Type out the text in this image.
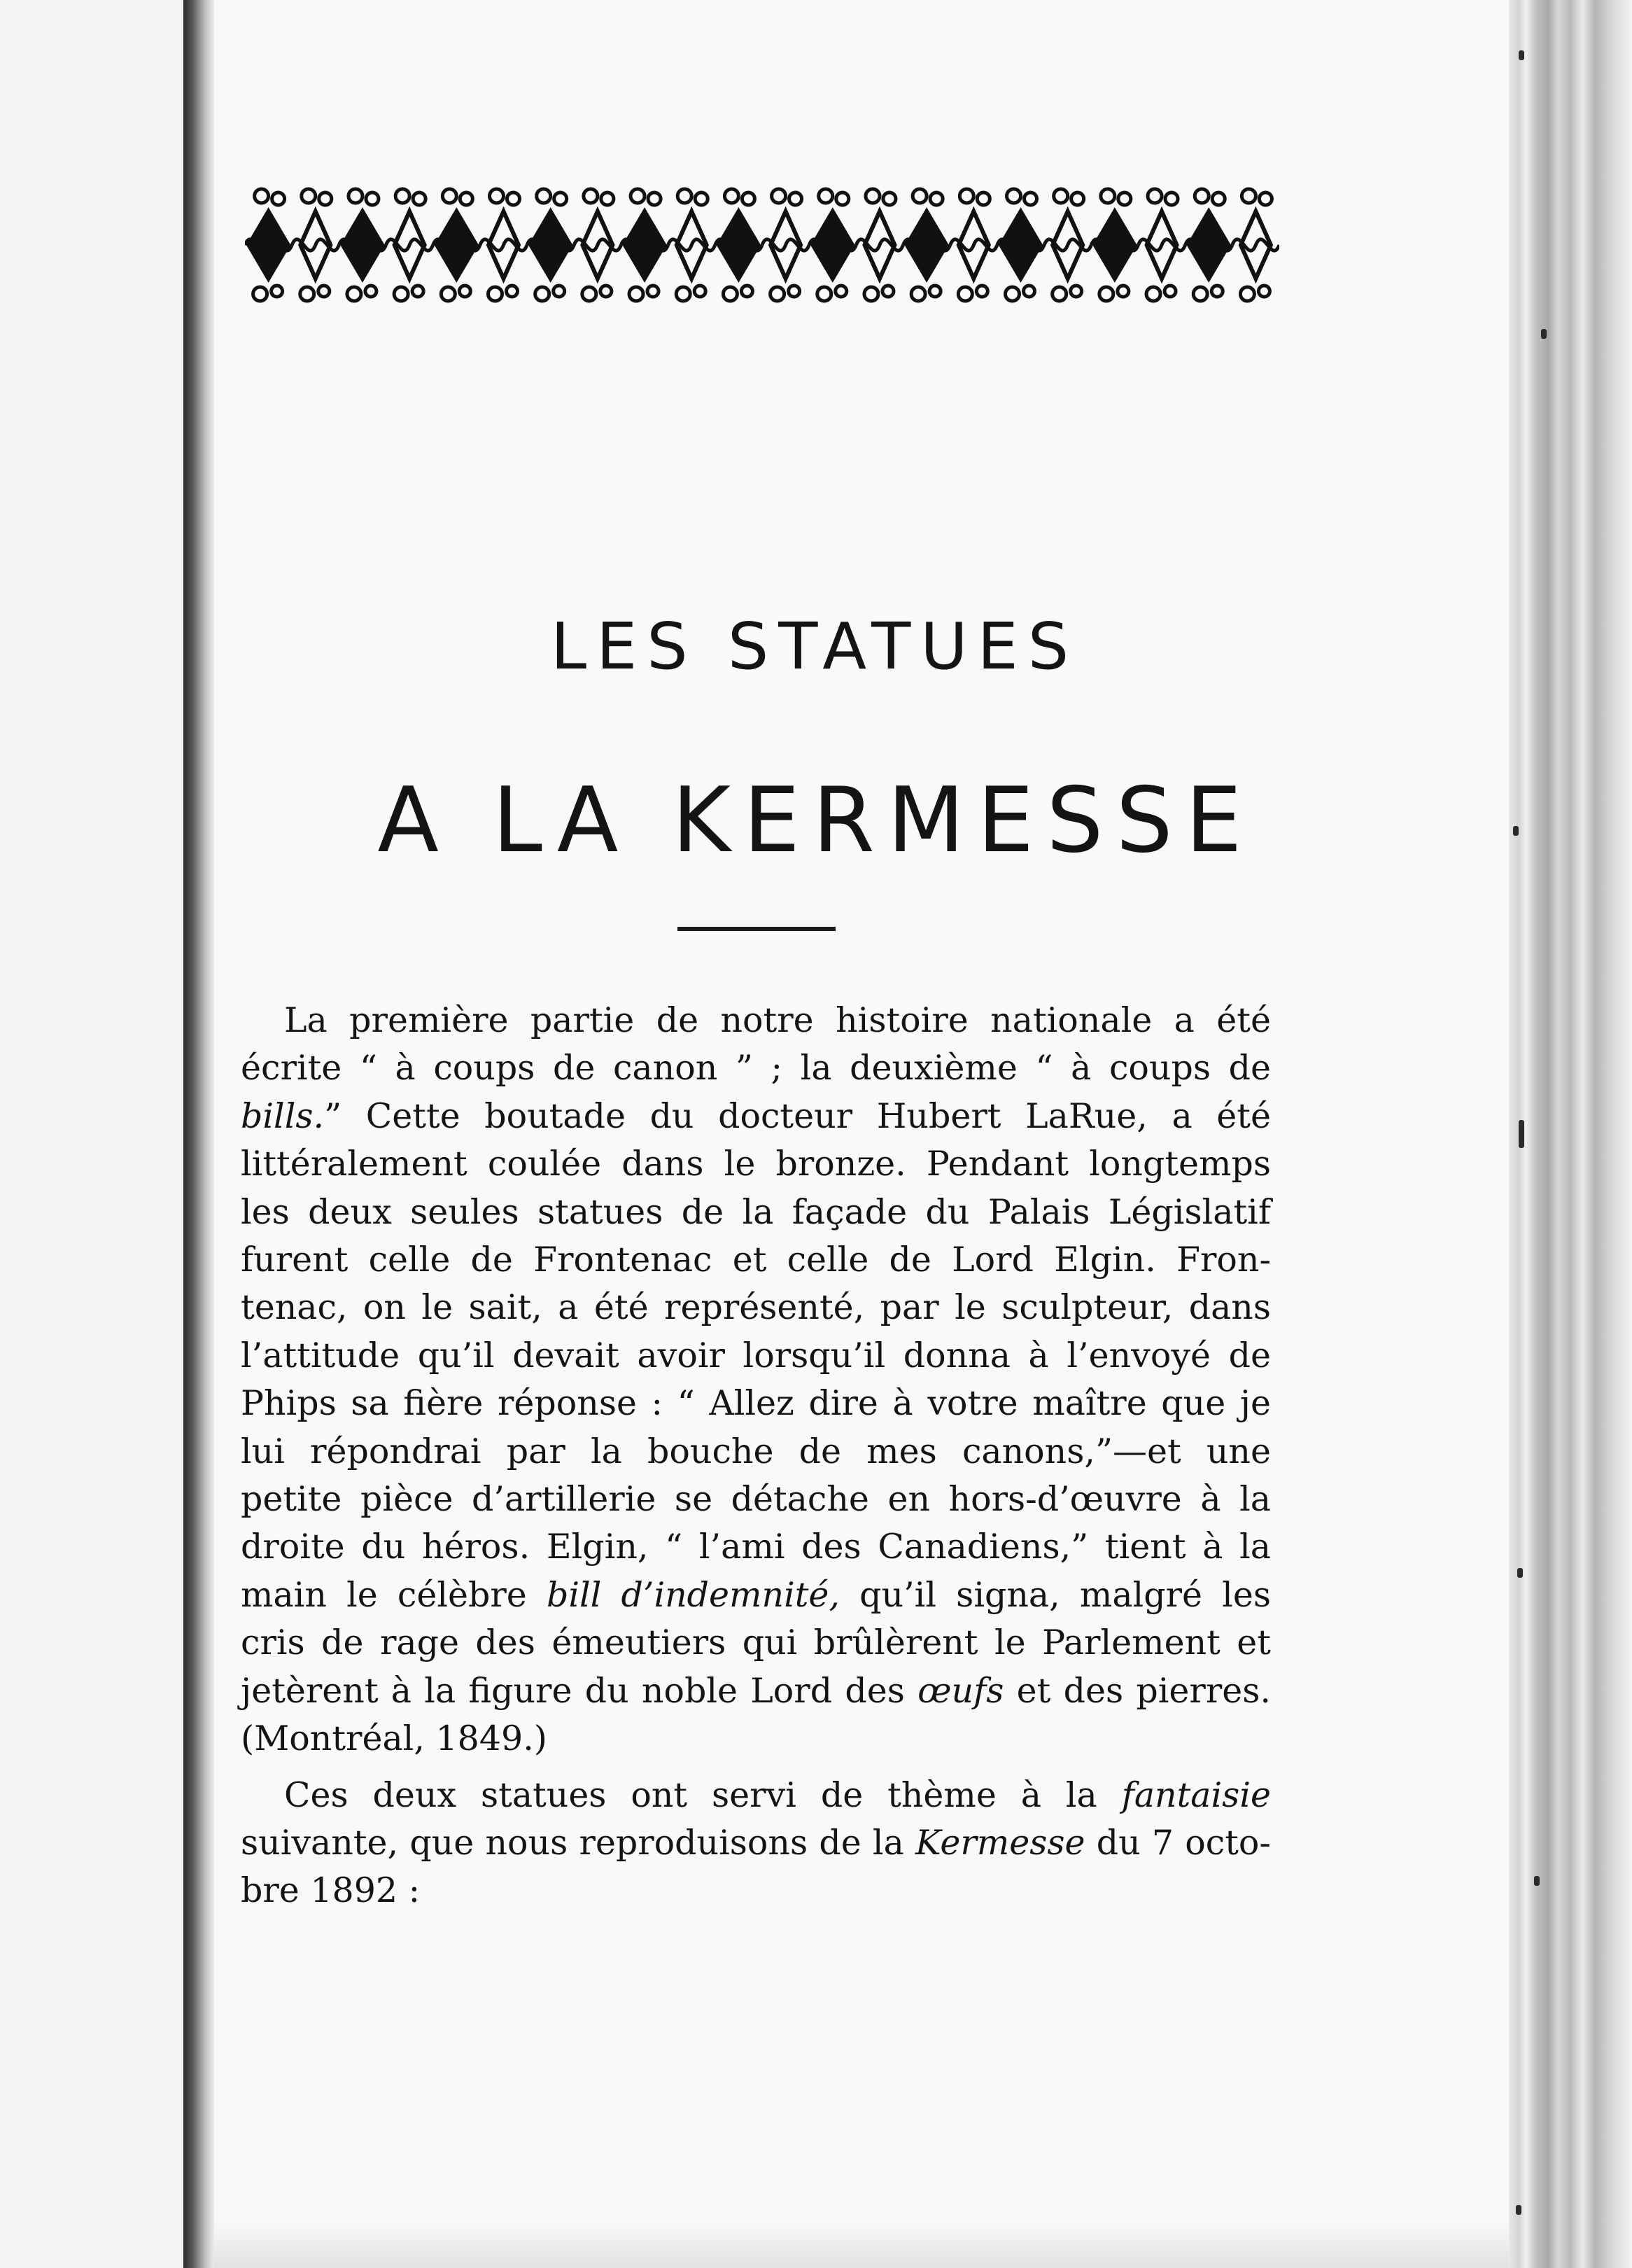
LES STATUES
A LA KERMESSE

La première partie de notre histoire nationale a été
écrite “ à coups de canon ” ; la deuxième “ à coups de
bills.” Cette boutade du docteur Hubert LaRue, a été
littéralement coulée dans le bronze. Pendant longtemps
les deux seules statues de la façade du Palais Législatif
furent celle de Frontenac et celle de Lord Elgin. Fron-
tenac, on le sait, a été représenté, par le sculpteur, dans
l’attitude qu’il devait avoir lorsqu’il donna à l’envoyé de
Phips sa fière réponse : “ Allez dire à votre maître que je
lui répondrai par la bouche de mes canons,”—et une
petite pièce d’artillerie se détache en hors-d’œuvre à la
droite du héros. Elgin, “ l’ami des Canadiens,” tient à la
main le célèbre bill d’indemnité, qu’il signa, malgré les
cris de rage des émeutiers qui brûlèrent le Parlement et
jetèrent à la figure du noble Lord des œufs et des pierres.
(Montréal, 1849.)

Ces deux statues ont servi de thème à la fantaisie
suivante, que nous reproduisons de la Kermesse du 7 octo-
bre 1892 :
